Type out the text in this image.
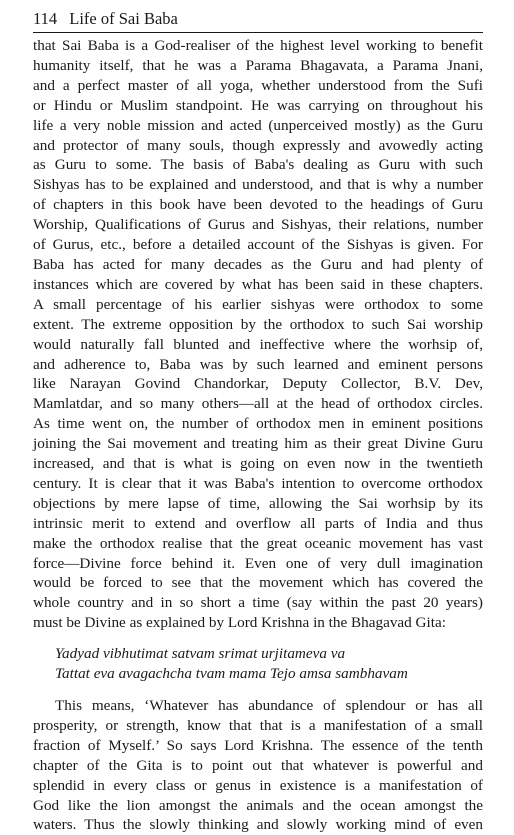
114 Life of Sai Baba
that Sai Baba is a God-realiser of the highest level working to benefit
humanity itself, that he was a Parama Bhagavata, a Parama Jnani,
and a perfect master of all yoga, whether understood from the Sufi
or Hindu or Muslim standpoint. He was carrying on throughout his
life a very noble mission and acted (unperceived mostly) as the Guru
and protector of many souls, though expressly and avowedly acting
as Guru to some. The basis of Baba's dealing as Guru with such
Sishyas has to be explained and understood, and that is why a number
of chapters in this book have been devoted to the headings of Guru
Worship, Qualifications of Gurus and Sishyas, their relations, number
of Gurus, etc., before a detailed account of the Sishyas is given. For
Baba has acted for many decades as the Guru and had plenty of
instances which are covered by what has been said in these chapters.
A small percentage of his earlier sishyas were orthodox to some
extent. The extreme opposition by the orthodox to such Sai worship
would naturally fall blunted and ineffective where the worhsip of,
and adherence to, Baba was by such learned and eminent persons
like Narayan Govind Chandorkar, Deputy Collector, B.V. Dev,
Mamlatdar, and so many others—all at the head of orthodox circles.
As time went on, the number of orthodox men in eminent positions
joining the Sai movement and treating him as their great Divine Guru
increased, and that is what is going on even now in the twentieth
century. It is clear that it was Baba's intention to overcome orthodox
objections by mere lapse of time, allowing the Sai worhsip by its
intrinsic merit to extend and overflow all parts of India and thus
make the orthodox realise that the great oceanic movement has vast
force—Divine force behind it. Even one of very dull imagination
would be forced to see that the movement which has covered the
whole country and in so short a time (say within the past 20 years)
must be Divine as explained by Lord Krishna in the Bhagavad Gita:
Yadyad vibhutimat satvam srimat urjitameva va
Tattat eva avagachcha tvam mama Tejo amsa sambhavam
This means, ‘Whatever has abundance of splendour or has all
prosperity, or strength, know that that is a manifestation of a small
fraction of Myself.’ So says Lord Krishna. The essence of the tenth
chapter of the Gita is to point out that whatever is powerful and
splendid in every class or genus in existence is a manifestation of
God like the lion amongst the animals and the ocean amongst the
waters. Thus the slowly thinking and slowly working mind of even
